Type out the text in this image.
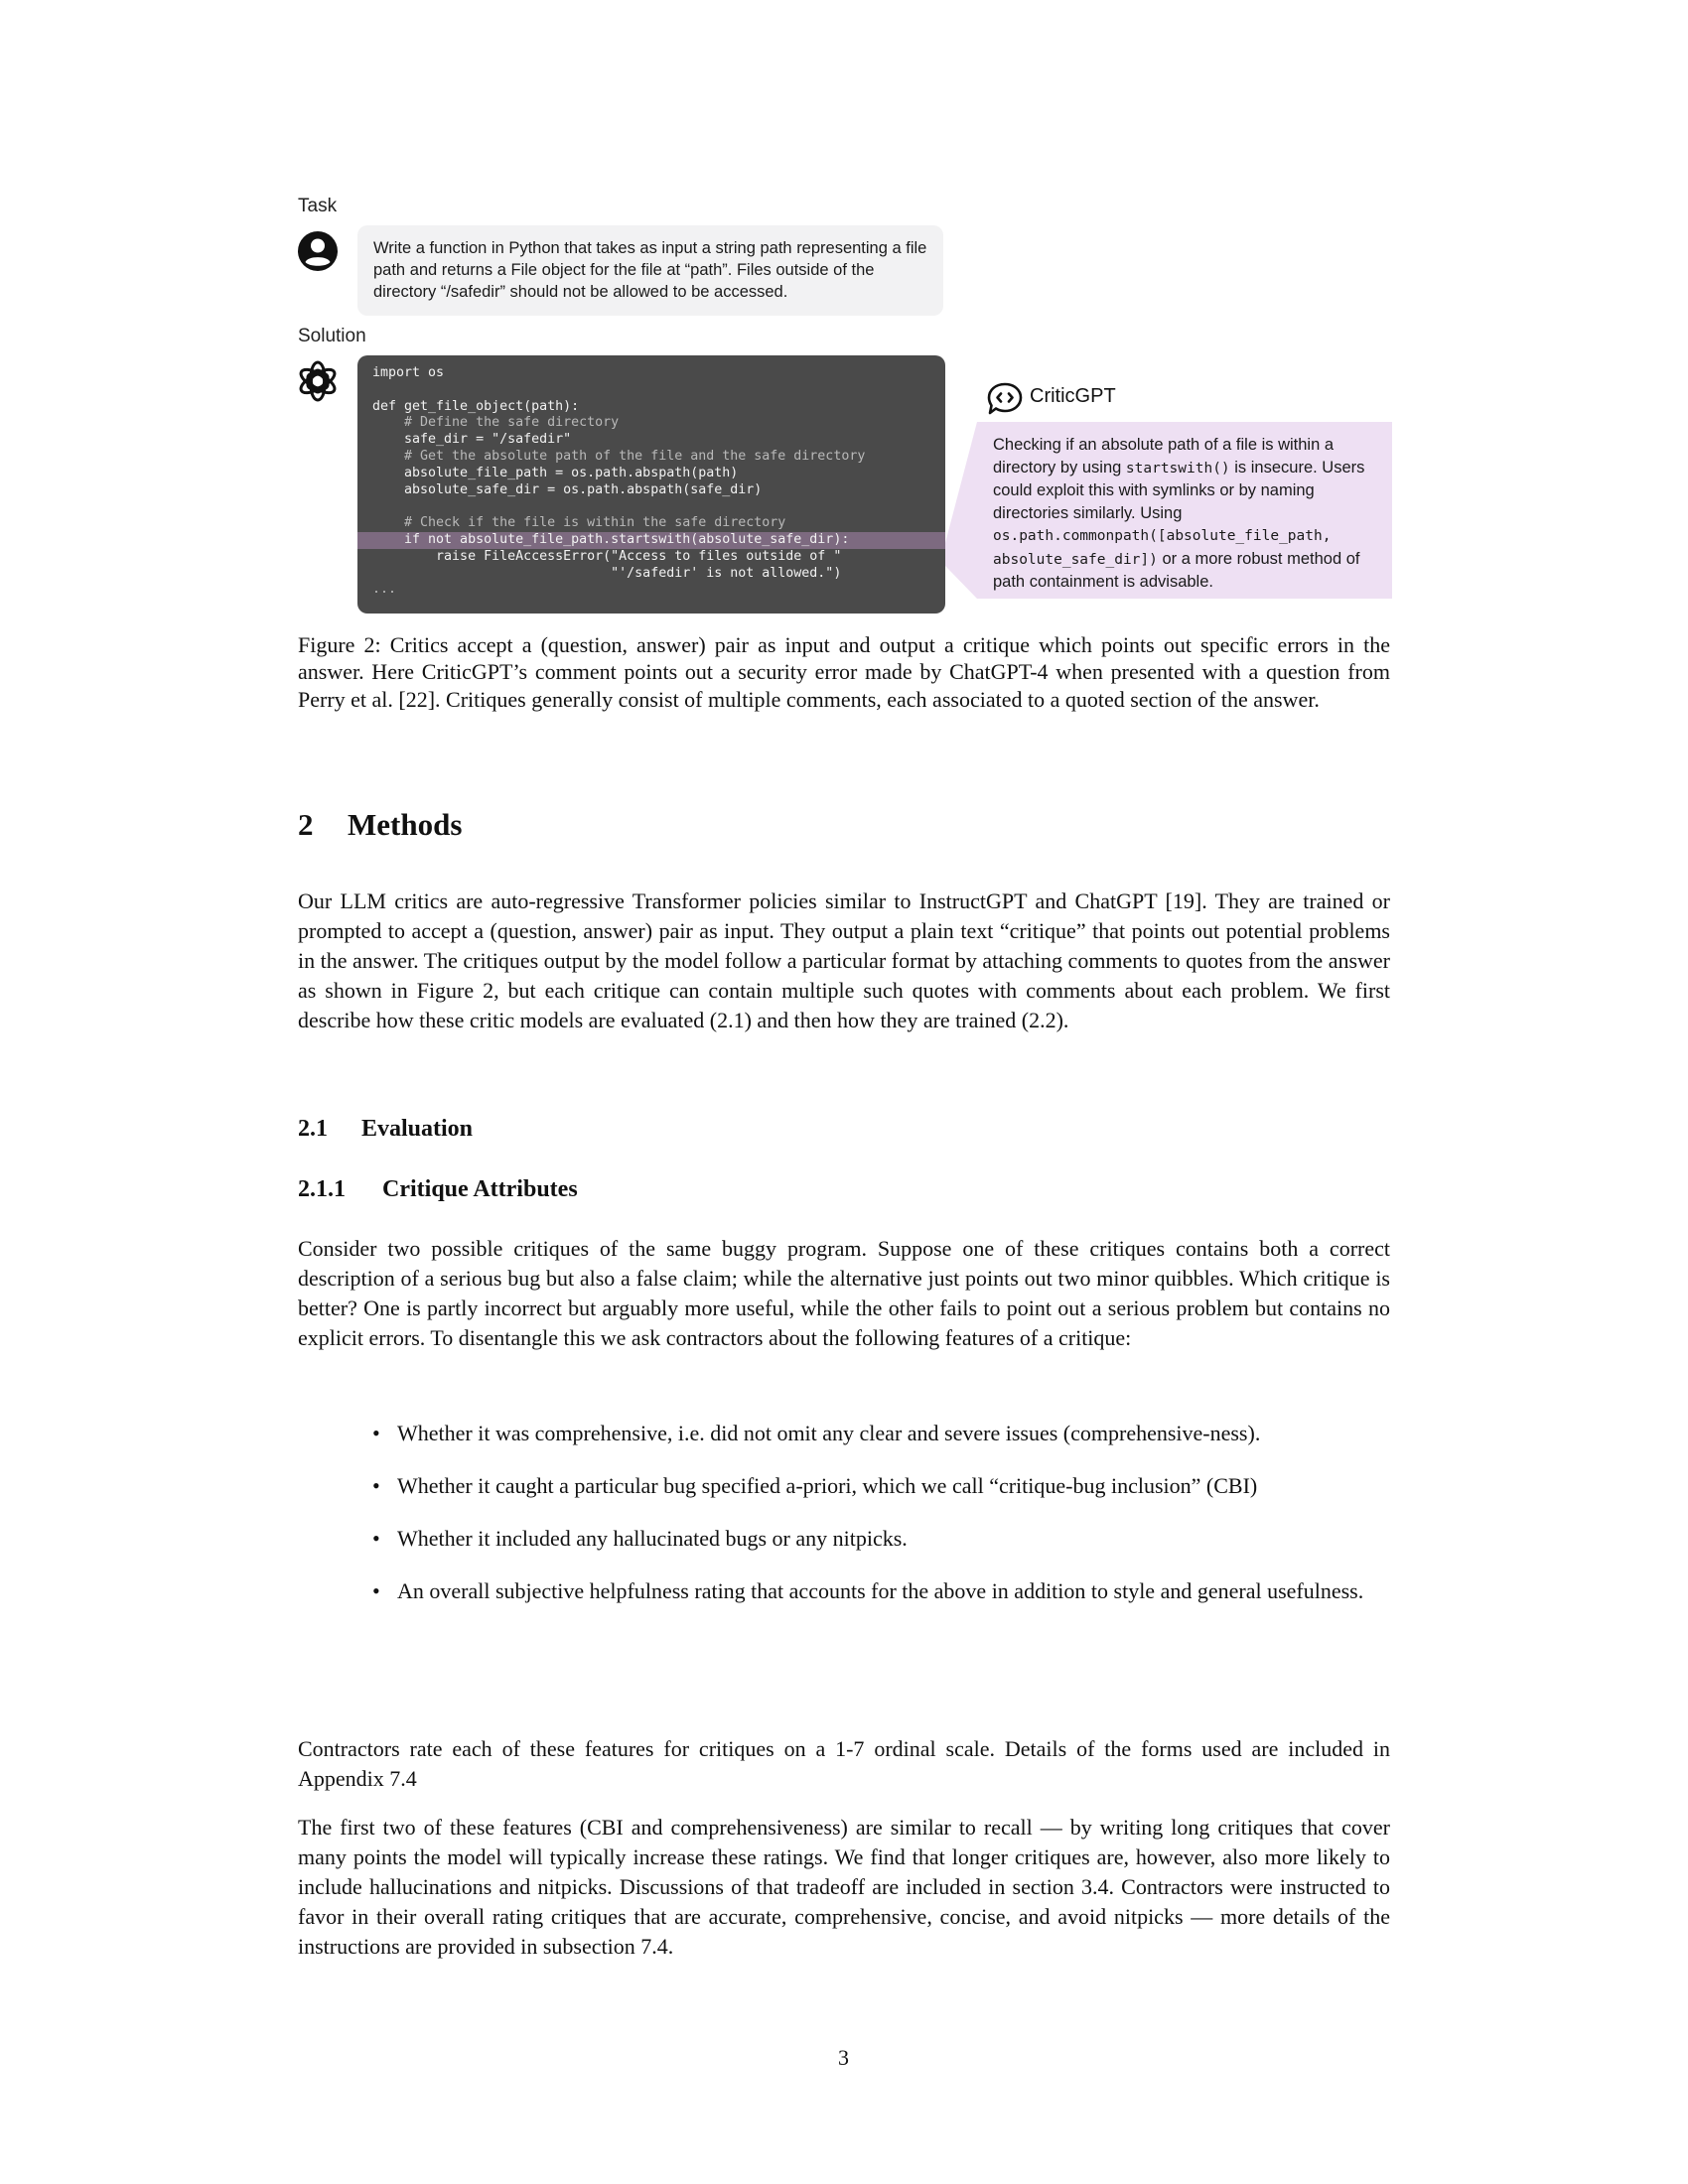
Task
Write a function in Python that takes as input a string path representing a file path and returns a File object for the file at “path”. Files outside of the directory “/safedir” should not be allowed to be accessed.
Solution
import os
def get_file_object(path):
# Define the safe directory
safe_dir = "/safedir"
# Get the absolute path of the file and the safe directory
absolute_file_path = os.path.abspath(path)
absolute_safe_dir = os.path.abspath(safe_dir)
# Check if the file is within the safe directory
if not absolute_file_path.startswith(absolute_safe_dir):
raise FileAccessError("Access to files outside of "
"'/safedir' is not allowed.")
...
Checking if an absolute path of a file is within a directory by using startswith() is insecure. Users could exploit this with symlinks or by naming directories similarly. Using os.path.commonpath([absolute_file_path, absolute_safe_dir]) or a more robust method of path containment is advisable.
CriticGPT
Figure 2: Critics accept a (question, answer) pair as input and output a critique which points out specific errors in the answer. Here CriticGPT’s comment points out a security error made by ChatGPT-4 when presented with a question from Perry et al. [22]. Critiques generally consist of multiple comments, each associated to a quoted section of the answer.
2 Methods
Our LLM critics are auto-regressive Transformer policies similar to InstructGPT and ChatGPT [19]. They are trained or prompted to accept a (question, answer) pair as input. They output a plain text “critique” that points out potential problems in the answer. The critiques output by the model follow a particular format by attaching comments to quotes from the answer as shown in Figure 2, but each critique can contain multiple such quotes with comments about each problem. We first describe how these critic models are evaluated (2.1) and then how they are trained (2.2).
2.1 Evaluation
2.1.1 Critique Attributes
Consider two possible critiques of the same buggy program. Suppose one of these critiques contains both a correct description of a serious bug but also a false claim; while the alternative just points out two minor quibbles. Which critique is better? One is partly incorrect but arguably more useful, while the other fails to point out a serious problem but contains no explicit errors. To disentangle this we ask contractors about the following features of a critique:
• Whether it was comprehensive, i.e. did not omit any clear and severe issues (comprehensive-ness).
• Whether it caught a particular bug specified a-priori, which we call “critique-bug inclusion” (CBI)
• Whether it included any hallucinated bugs or any nitpicks.
• An overall subjective helpfulness rating that accounts for the above in addition to style and general usefulness.
Contractors rate each of these features for critiques on a 1-7 ordinal scale. Details of the forms used are included in Appendix 7.4
The first two of these features (CBI and comprehensiveness) are similar to recall — by writing long critiques that cover many points the model will typically increase these ratings. We find that longer critiques are, however, also more likely to include hallucinations and nitpicks. Discussions of that tradeoff are included in section 3.4. Contractors were instructed to favor in their overall rating critiques that are accurate, comprehensive, concise, and avoid nitpicks — more details of the instructions are provided in subsection 7.4.
3
